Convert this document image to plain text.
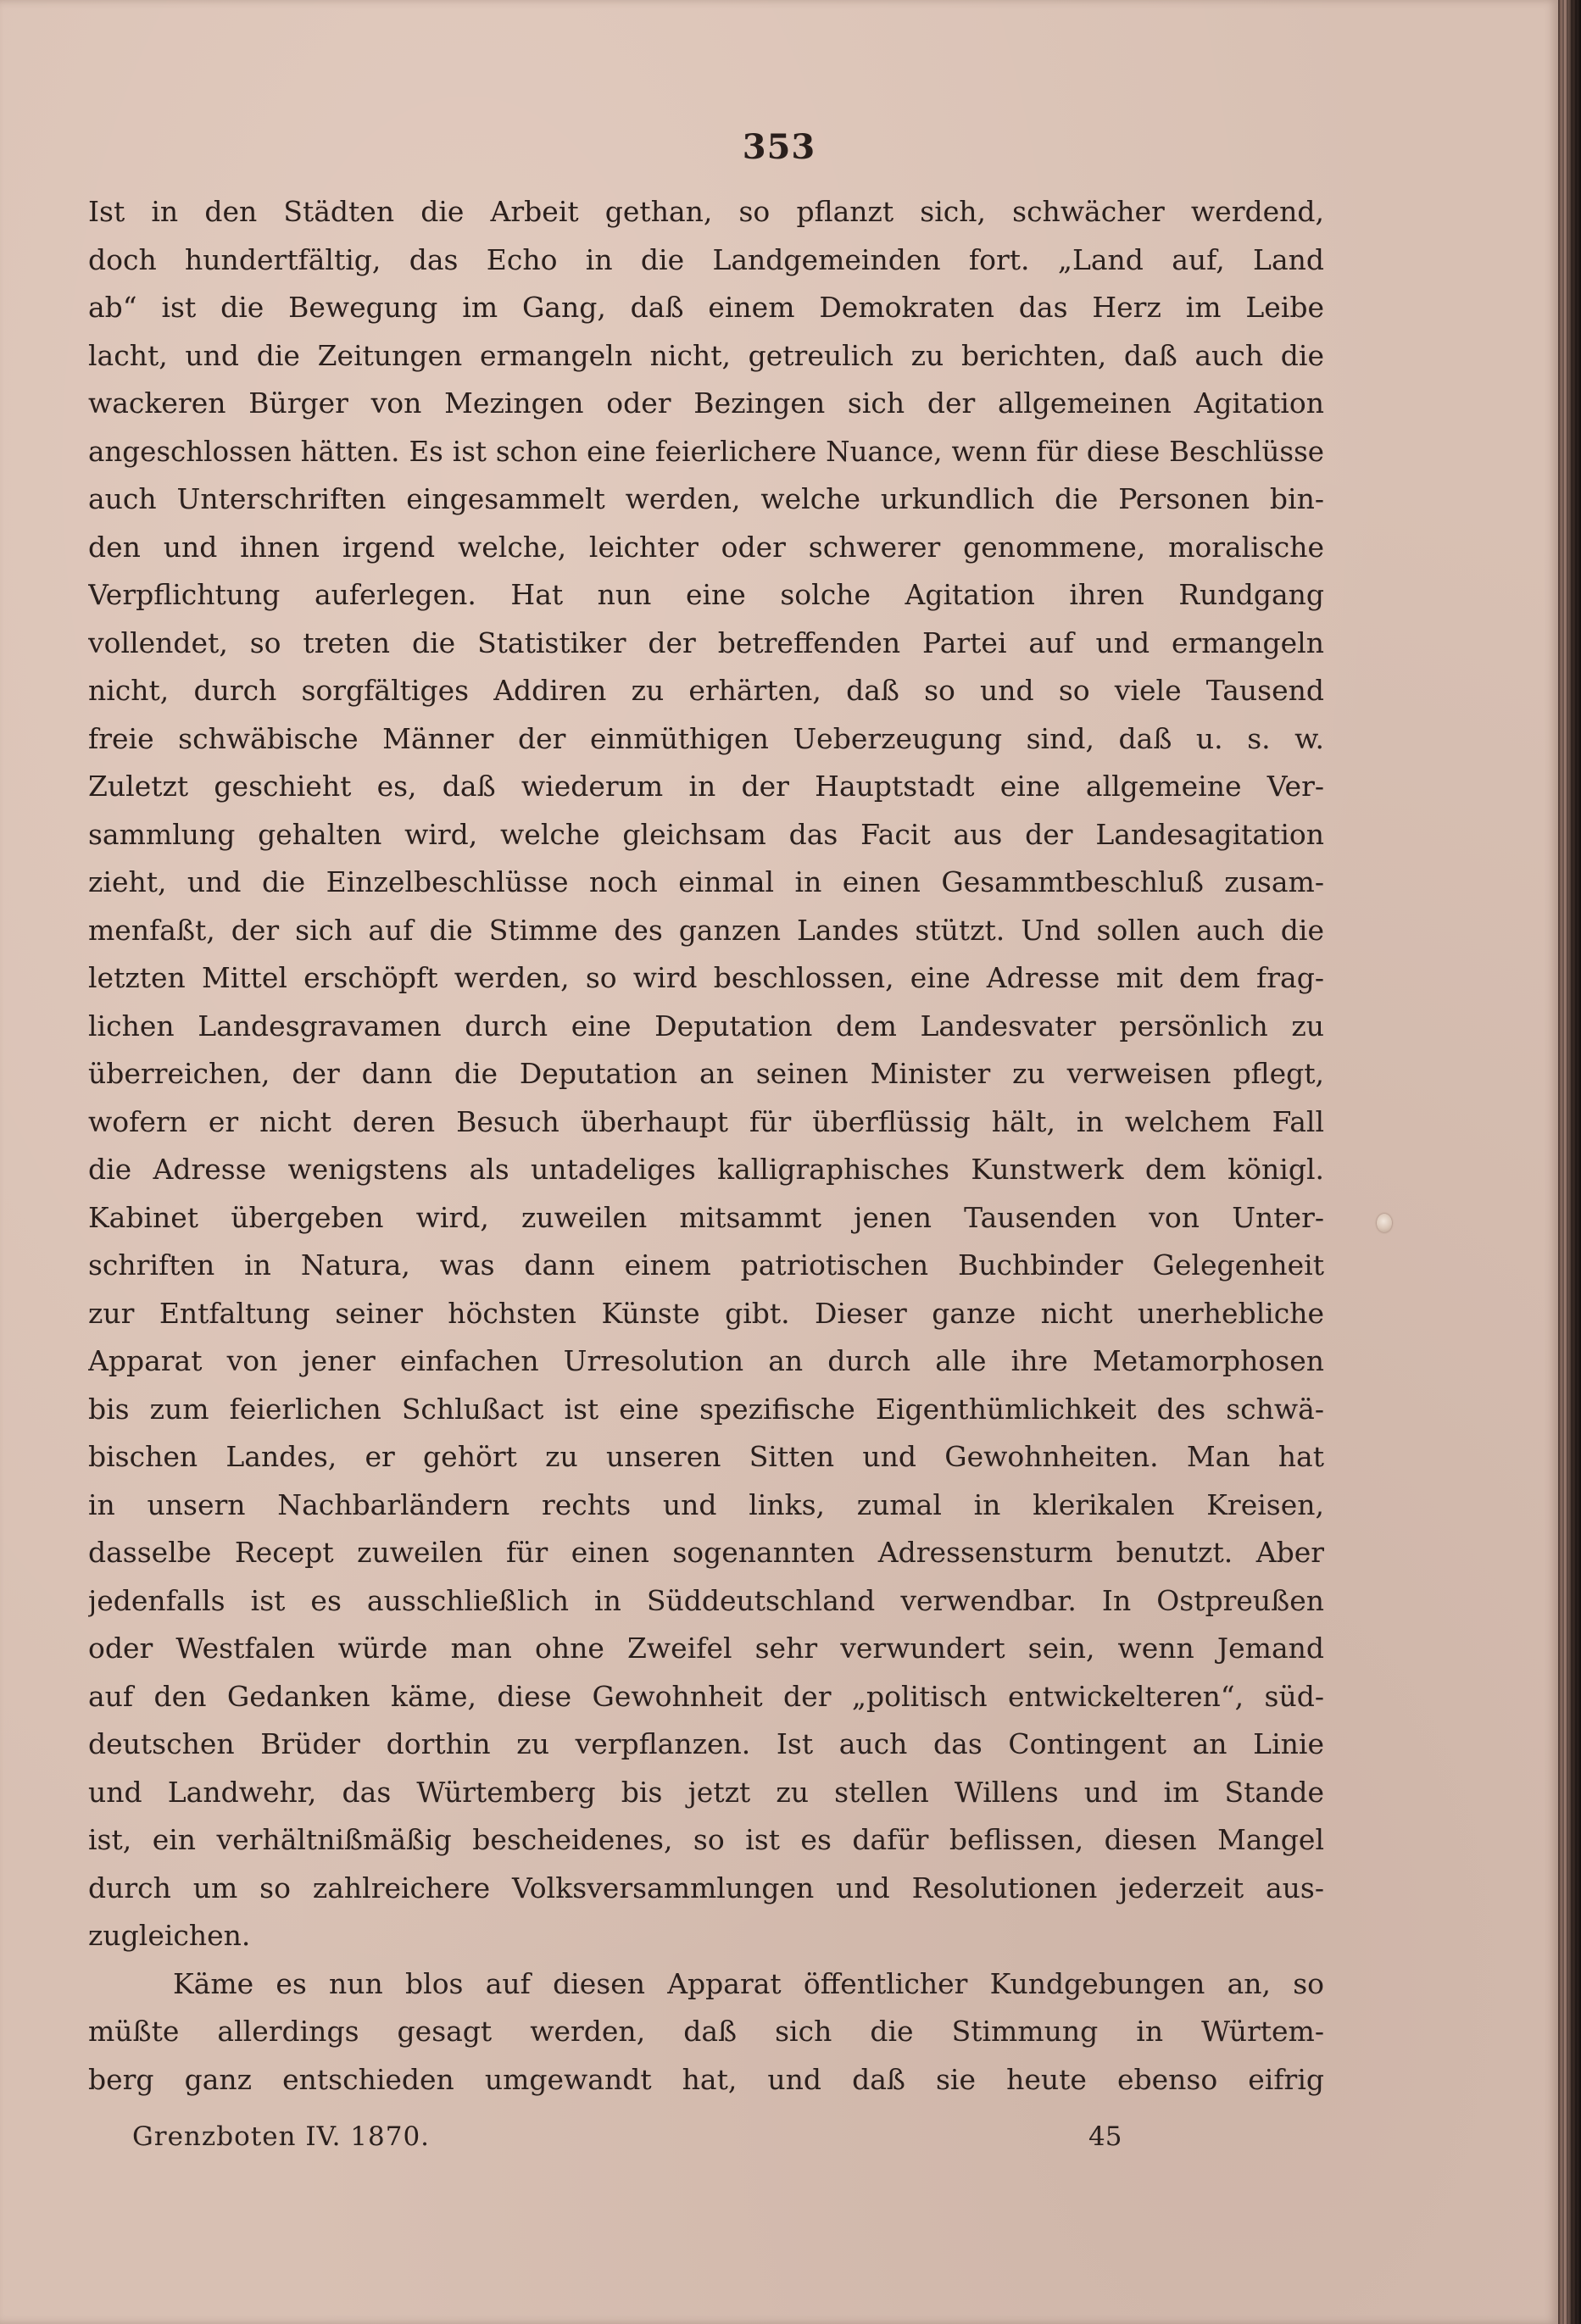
353
Ist in den Städten die Arbeit gethan, so pflanzt sich, schwächer werdend,
doch hundertfältig, das Echo in die Landgemeinden fort. „Land auf, Land
ab“ ist die Bewegung im Gang, daß einem Demokraten das Herz im Leibe
lacht, und die Zeitungen ermangeln nicht, getreulich zu berichten, daß auch die
wackeren Bürger von Mezingen oder Bezingen sich der allgemeinen Agitation
angeschlossen hätten. Es ist schon eine feierlichere Nuance, wenn für diese Beschlüsse
auch Unterschriften eingesammelt werden, welche urkundlich die Personen bin-
den und ihnen irgend welche, leichter oder schwerer genommene, moralische
Verpflichtung auferlegen. Hat nun eine solche Agitation ihren Rundgang
vollendet, so treten die Statistiker der betreffenden Partei auf und ermangeln
nicht, durch sorgfältiges Addiren zu erhärten, daß so und so viele Tausend
freie schwäbische Männer der einmüthigen Ueberzeugung sind, daß u. s. w.
Zuletzt geschieht es, daß wiederum in der Hauptstadt eine allgemeine Ver-
sammlung gehalten wird, welche gleichsam das Facit aus der Landesagitation
zieht, und die Einzelbeschlüsse noch einmal in einen Gesammtbeschluß zusam-
menfaßt, der sich auf die Stimme des ganzen Landes stützt. Und sollen auch die
letzten Mittel erschöpft werden, so wird beschlossen, eine Adresse mit dem frag-
lichen Landesgravamen durch eine Deputation dem Landesvater persönlich zu
überreichen, der dann die Deputation an seinen Minister zu verweisen pflegt,
wofern er nicht deren Besuch überhaupt für überflüssig hält, in welchem Fall
die Adresse wenigstens als untadeliges kalligraphisches Kunstwerk dem königl.
Kabinet übergeben wird, zuweilen mitsammt jenen Tausenden von Unter-
schriften in Natura, was dann einem patriotischen Buchbinder Gelegenheit
zur Entfaltung seiner höchsten Künste gibt. Dieser ganze nicht unerhebliche
Apparat von jener einfachen Urresolution an durch alle ihre Metamorphosen
bis zum feierlichen Schlußact ist eine spezifische Eigenthümlichkeit des schwä-
bischen Landes, er gehört zu unseren Sitten und Gewohnheiten. Man hat
in unsern Nachbarländern rechts und links, zumal in klerikalen Kreisen,
dasselbe Recept zuweilen für einen sogenannten Adressensturm benutzt. Aber
jedenfalls ist es ausschließlich in Süddeutschland verwendbar. In Ostpreußen
oder Westfalen würde man ohne Zweifel sehr verwundert sein, wenn Jemand
auf den Gedanken käme, diese Gewohnheit der „politisch entwickelteren“, süd-
deutschen Brüder dorthin zu verpflanzen. Ist auch das Contingent an Linie
und Landwehr, das Würtemberg bis jetzt zu stellen Willens und im Stande
ist, ein verhältnißmäßig bescheidenes, so ist es dafür beflissen, diesen Mangel
durch um so zahlreichere Volksversammlungen und Resolutionen jederzeit aus-
zugleichen.
Käme es nun blos auf diesen Apparat öffentlicher Kundgebungen an, so
müßte allerdings gesagt werden, daß sich die Stimmung in Würtem-
berg ganz entschieden umgewandt hat, und daß sie heute ebenso eifrig
Grenzboten IV. 1870.	45
